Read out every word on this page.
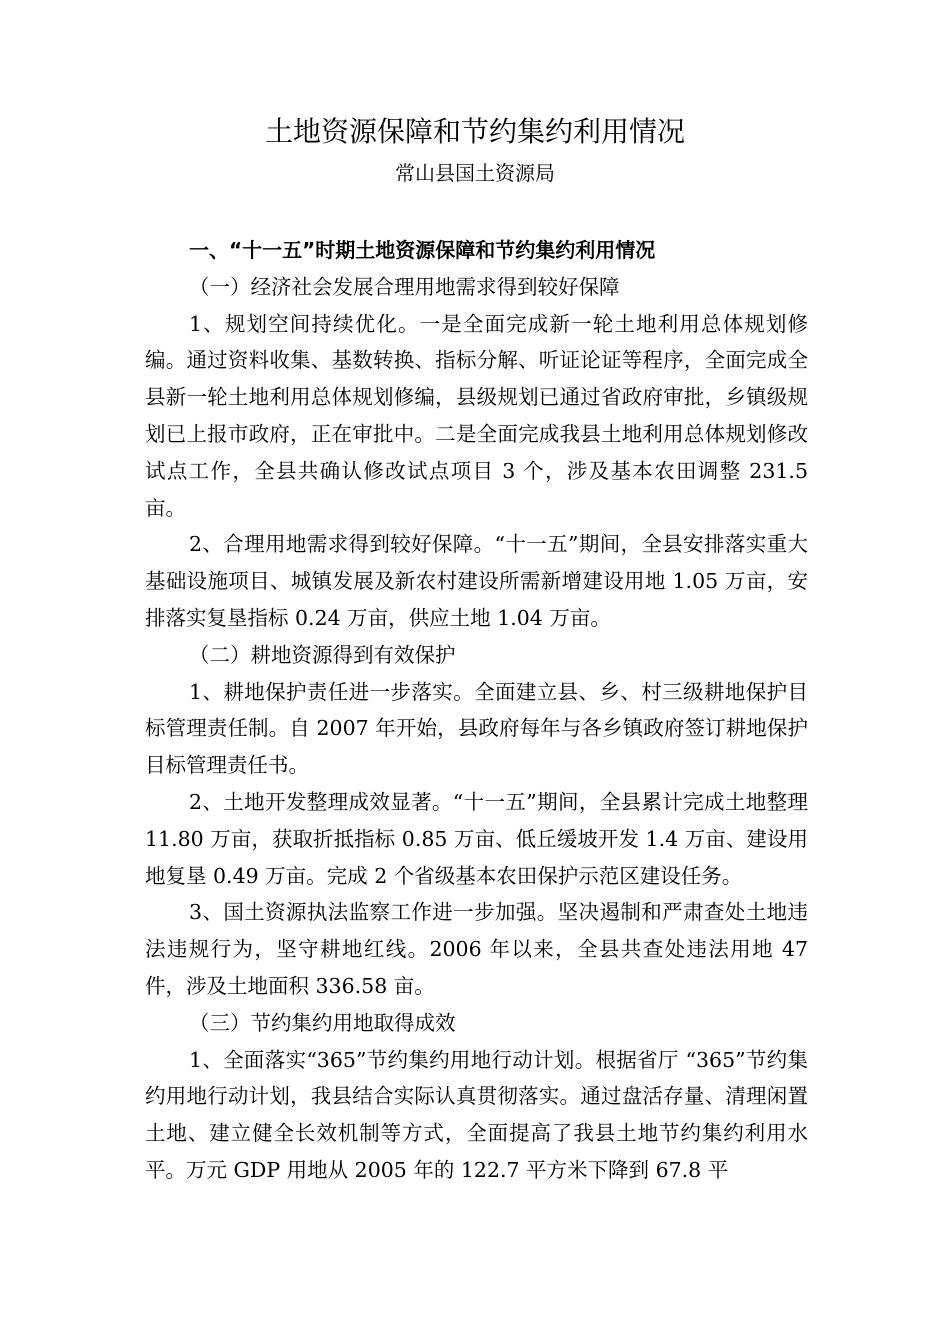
土地资源保障和节约集约利用情况
常山县国土资源局

一、“十一五”时期土地资源保障和节约集约利用情况

（一）经济社会发展合理用地需求得到较好保障

1、规划空间持续优化。一是全面完成新一轮土地利用总体规划修编。通过资料收集、基数转换、指标分解、听证论证等程序，全面完成全县新一轮土地利用总体规划修编，县级规划已通过省政府审批，乡镇级规划已上报市政府，正在审批中。二是全面完成我县土地利用总体规划修改试点工作，全县共确认修改试点项目 3 个，涉及基本农田调整 231.5 亩。

2、合理用地需求得到较好保障。“十一五”期间，全县安排落实重大基础设施项目、城镇发展及新农村建设所需新增建设用地 1.05 万亩，安排落实复垦指标 0.24 万亩，供应土地 1.04 万亩。

（二）耕地资源得到有效保护

1、耕地保护责任进一步落实。全面建立县、乡、村三级耕地保护目标管理责任制。自 2007 年开始，县政府每年与各乡镇政府签订耕地保护目标管理责任书。

2、土地开发整理成效显著。“十一五”期间，全县累计完成土地整理 11.80 万亩，获取折抵指标 0.85 万亩、低丘缓坡开发 1.4 万亩、建设用地复垦 0.49 万亩。完成 2 个省级基本农田保护示范区建设任务。

3、国土资源执法监察工作进一步加强。坚决遏制和严肃查处土地违法违规行为，坚守耕地红线。2006 年以来，全县共查处违法用地 47 件，涉及土地面积 336.58 亩。

（三）节约集约用地取得成效

1、全面落实“365”节约集约用地行动计划。根据省厅 “365”节约集约用地行动计划，我县结合实际认真贯彻落实。通过盘活存量、清理闲置土地、建立健全长效机制等方式，全面提高了我县土地节约集约利用水平。万元 GDP 用地从 2005 年的 122.7 平方米下降到 67.8 平
